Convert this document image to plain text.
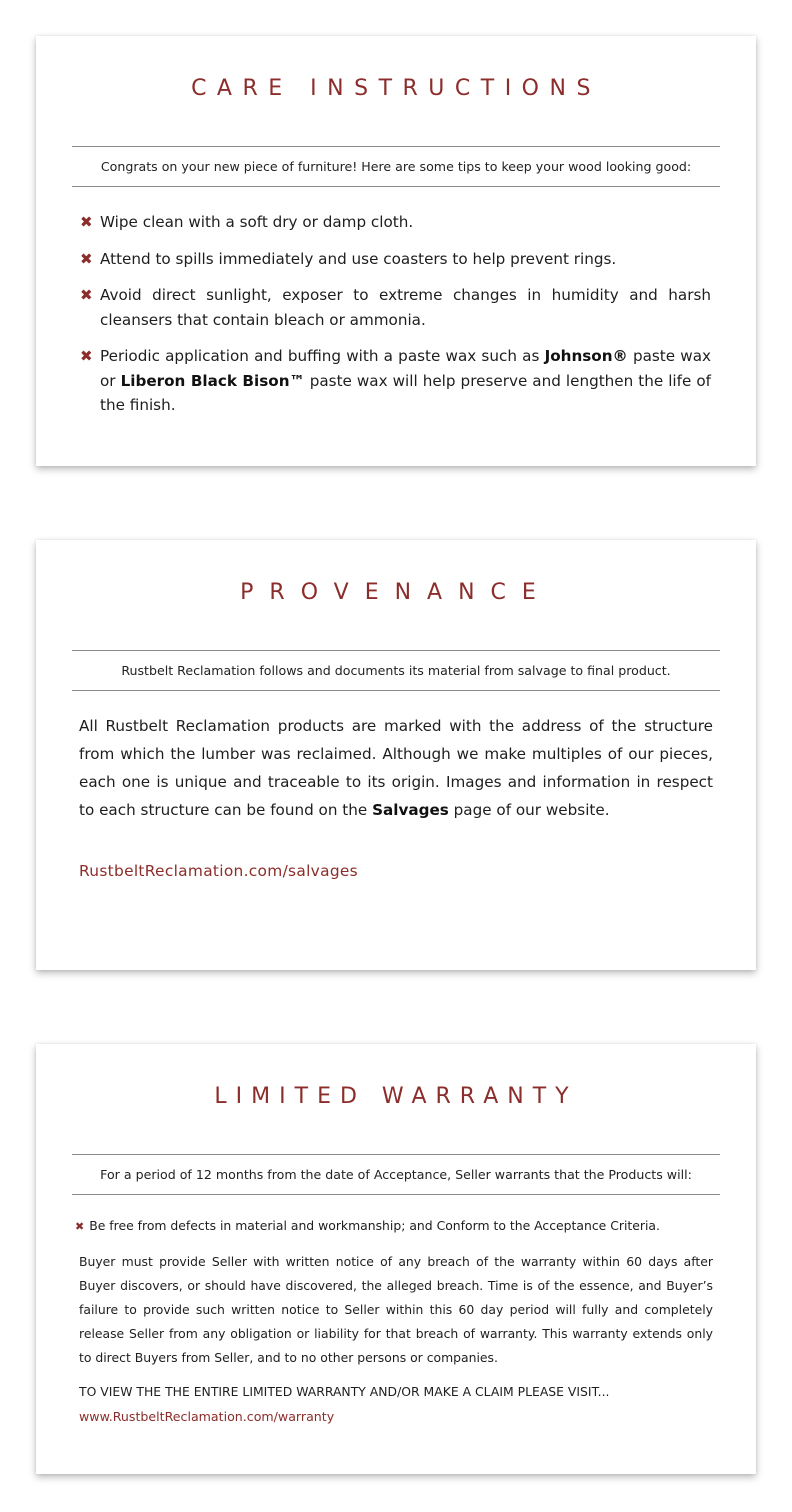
CARE INSTRUCTIONS
Congrats on your new piece of furniture! Here are some tips to keep your wood looking good:
✖ Wipe clean with a soft dry or damp cloth.
✖ Attend to spills immediately and use coasters to help prevent rings.
✖ Avoid direct sunlight, exposer to extreme changes in humidity and harsh cleansers that contain bleach or ammonia.
✖ Periodic application and buffing with a paste wax such as Johnson® paste wax or Liberon Black Bison™ paste wax will help preserve and lengthen the life of the finish.
PROVENANCE
Rustbelt Reclamation follows and documents its material from salvage to final product.

All Rustbelt Reclamation products are marked with the address of the structure from which the lumber was reclaimed. Although we make multiples of our pieces, each one is unique and traceable to its origin. Images and information in respect to each structure can be found on the Salvages page of our website.

RustbeltReclamation.com/salvages
LIMITED WARRANTY
For a period of 12 months from the date of Acceptance, Seller warrants that the Products will:
✖ Be free from defects in material and workmanship; and Conform to the Acceptance Criteria.

Buyer must provide Seller with written notice of any breach of the warranty within 60 days after Buyer discovers, or should have discovered, the alleged breach. Time is of the essence, and Buyer’s failure to provide such written notice to Seller within this 60 day period will fully and completely release Seller from any obligation or liability for that breach of warranty. This warranty extends only to direct Buyers from Seller, and to no other persons or companies.

TO VIEW THE THE ENTIRE LIMITED WARRANTY AND/OR MAKE A CLAIM PLEASE VISIT...
www.RustbeltReclamation.com/warranty
